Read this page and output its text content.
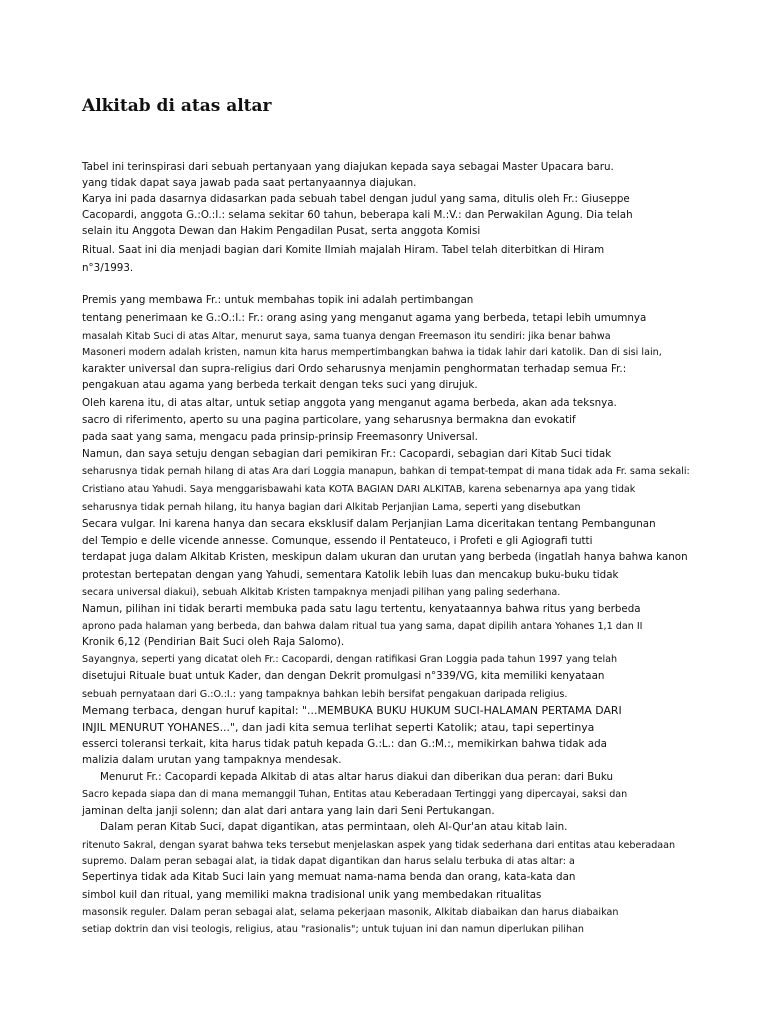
Alkitab di atas altar

Tabel ini terinspirasi dari sebuah pertanyaan yang diajukan kepada saya sebagai Master Upacara baru.

yang tidak dapat saya jawab pada saat pertanyaannya diajukan.

Karya ini pada dasarnya didasarkan pada sebuah tabel dengan judul yang sama, ditulis oleh Fr.: Giuseppe

Cacopardi, anggota G.:O.:I.: selama sekitar 60 tahun, beberapa kali M.:V.: dan Perwakilan Agung. Dia telah

selain itu Anggota Dewan dan Hakim Pengadilan Pusat, serta anggota Komisi

Ritual. Saat ini dia menjadi bagian dari Komite Ilmiah majalah Hiram. Tabel telah diterbitkan di Hiram

n°3/1993.

Premis yang membawa Fr.: untuk membahas topik ini adalah pertimbangan

tentang penerimaan ke G.:O.:I.: Fr.: orang asing yang menganut agama yang berbeda, tetapi lebih umumnya

masalah Kitab Suci di atas Altar, menurut saya, sama tuanya dengan Freemason itu sendiri: jika benar bahwa

Masoneri modern adalah kristen, namun kita harus mempertimbangkan bahwa ia tidak lahir dari katolik. Dan di sisi lain,

karakter universal dan supra-religius dari Ordo seharusnya menjamin penghormatan terhadap semua Fr.:

pengakuan atau agama yang berbeda terkait dengan teks suci yang dirujuk.

Oleh karena itu, di atas altar, untuk setiap anggota yang menganut agama berbeda, akan ada teksnya.

sacro di riferimento, aperto su una pagina particolare, yang seharusnya bermakna dan evokatif

pada saat yang sama, mengacu pada prinsip-prinsip Freemasonry Universal.

Namun, dan saya setuju dengan sebagian dari pemikiran Fr.: Cacopardi, sebagian dari Kitab Suci tidak

seharusnya tidak pernah hilang di atas Ara dari Loggia manapun, bahkan di tempat-tempat di mana tidak ada Fr. sama sekali:

Cristiano atau Yahudi. Saya menggarisbawahi kata KOTA BAGIAN DARI ALKITAB, karena sebenarnya apa yang tidak

seharusnya tidak pernah hilang, itu hanya bagian dari Alkitab Perjanjian Lama, seperti yang disebutkan

Secara vulgar. Ini karena hanya dan secara eksklusif dalam Perjanjian Lama diceritakan tentang Pembangunan

del Tempio e delle vicende annesse. Comunque, essendo il Pentateuco, i Profeti e gli Agiografi tutti

terdapat juga dalam Alkitab Kristen, meskipun dalam ukuran dan urutan yang berbeda (ingatlah hanya bahwa kanon

protestan bertepatan dengan yang Yahudi, sementara Katolik lebih luas dan mencakup buku-buku tidak

secara universal diakui), sebuah Alkitab Kristen tampaknya menjadi pilihan yang paling sederhana.

Namun, pilihan ini tidak berarti membuka pada satu lagu tertentu, kenyataannya bahwa ritus yang berbeda

aprono pada halaman yang berbeda, dan bahwa dalam ritual tua yang sama, dapat dipilih antara Yohanes 1,1 dan II

Kronik 6,12 (Pendirian Bait Suci oleh Raja Salomo).

Sayangnya, seperti yang dicatat oleh Fr.: Cacopardi, dengan ratifikasi Gran Loggia pada tahun 1997 yang telah

disetujui Rituale buat untuk Kader, dan dengan Dekrit promulgasi n°339/VG, kita memiliki kenyataan

sebuah pernyataan dari G.:O.:I.: yang tampaknya bahkan lebih bersifat pengakuan daripada religius.

Memang terbaca, dengan huruf kapital: "...MEMBUKA BUKU HUKUM SUCI-HALAMAN PERTAMA DARI

INJIL MENURUT YOHANES...", dan jadi kita semua terlihat seperti Katolik; atau, tapi sepertinya

esserci toleransi terkait, kita harus tidak patuh kepada G.:L.: dan G.:M.:, memikirkan bahwa tidak ada

malizia dalam urutan yang tampaknya mendesak.

Menurut Fr.: Cacopardi kepada Alkitab di atas altar harus diakui dan diberikan dua peran: dari Buku

Sacro kepada siapa dan di mana memanggil Tuhan, Entitas atau Keberadaan Tertinggi yang dipercayai, saksi dan

jaminan delta janji solenn; dan alat dari antara yang lain dari Seni Pertukangan.

Dalam peran Kitab Suci, dapat digantikan, atas permintaan, oleh Al-Qur'an atau kitab lain.

ritenuto Sakral, dengan syarat bahwa teks tersebut menjelaskan aspek yang tidak sederhana dari entitas atau keberadaan

supremo. Dalam peran sebagai alat, ia tidak dapat digantikan dan harus selalu terbuka di atas altar: a

Sepertinya tidak ada Kitab Suci lain yang memuat nama-nama benda dan orang, kata-kata dan

simbol kuil dan ritual, yang memiliki makna tradisional unik yang membedakan ritualitas

masonsik reguler. Dalam peran sebagai alat, selama pekerjaan masonik, Alkitab diabaikan dan harus diabaikan

setiap doktrin dan visi teologis, religius, atau "rasionalis"; untuk tujuan ini dan namun diperlukan pilihan
